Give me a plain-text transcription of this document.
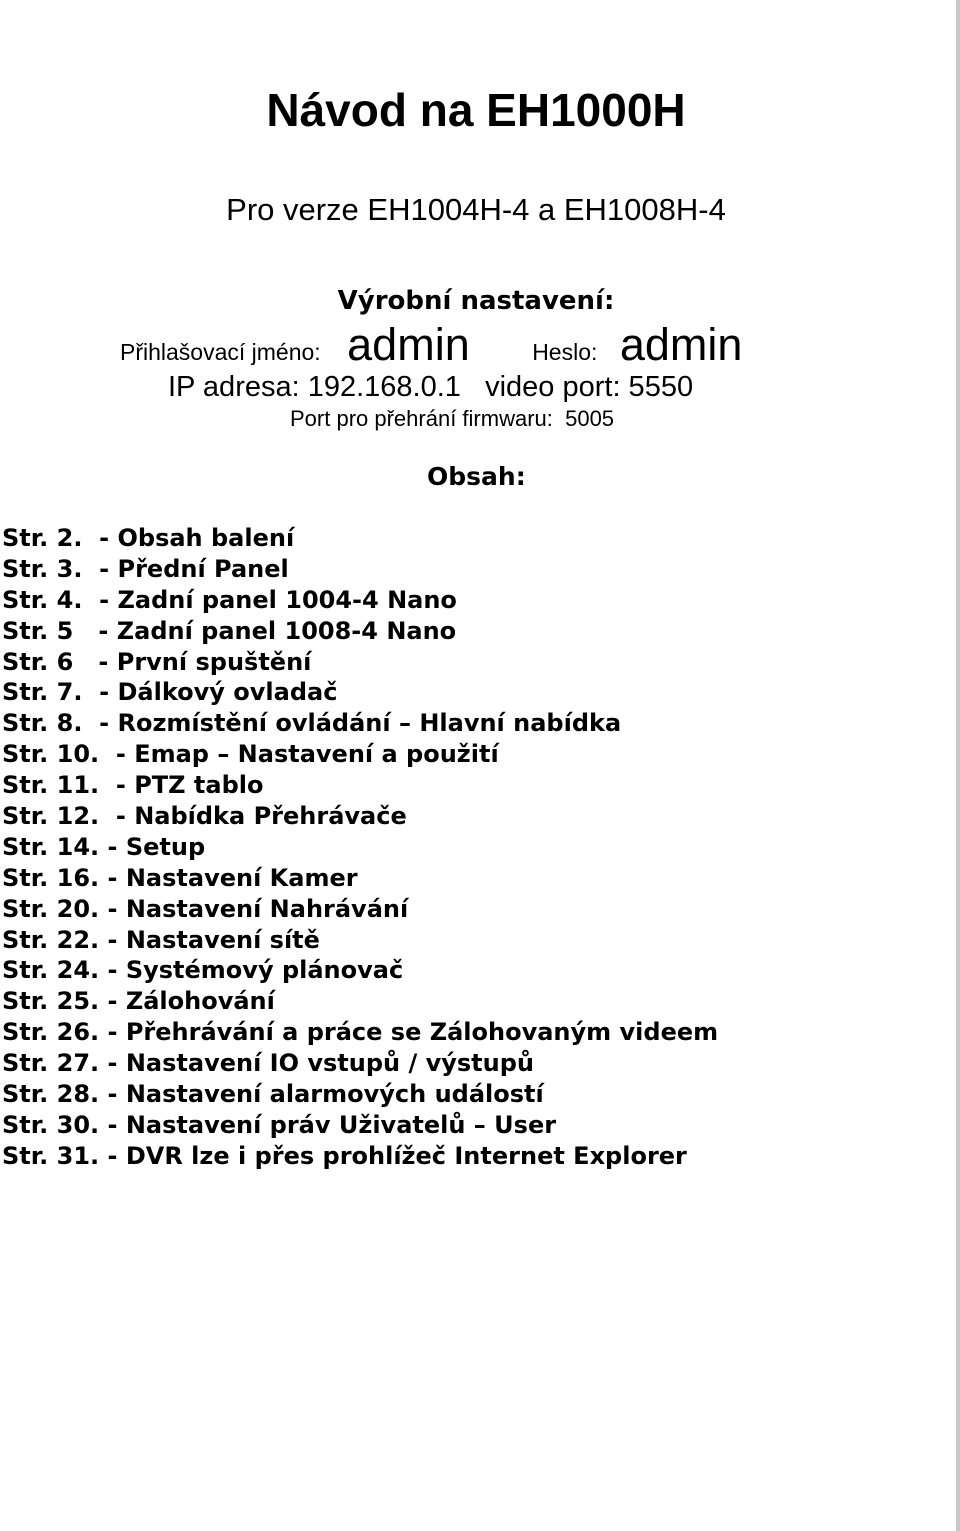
Návod na EH1000H
Pro verze EH1004H-4 a EH1008H-4
Výrobní nastavení:
Přihlašovací jméno: admin	Heslo: admin
IP adresa: 192.168.0.1   video port: 5550
Port pro přehrání firmwaru:  5005
Obsah:
Str. 2.  - Obsah balení
Str. 3.  - Přední Panel
Str. 4.  - Zadní panel 1004-4 Nano
Str. 5   - Zadní panel 1008-4 Nano
Str. 6   - První spuštění
Str. 7.  - Dálkový ovladač
Str. 8.  - Rozmístění ovládání – Hlavní nabídka
Str. 10.  - Emap – Nastavení a použití
Str. 11.  - PTZ tablo
Str. 12.  - Nabídka Přehrávače
Str. 14. - Setup
Str. 16. - Nastavení Kamer
Str. 20. - Nastavení Nahrávání
Str. 22. - Nastavení sítě
Str. 24. - Systémový plánovač
Str. 25. - Zálohování
Str. 26. - Přehrávání a práce se Zálohovaným videem
Str. 27. - Nastavení IO vstupů / výstupů
Str. 28. - Nastavení alarmových událostí
Str. 30. - Nastavení práv Uživatelů – User
Str. 31. - DVR lze i přes prohlížeč Internet Explorer
